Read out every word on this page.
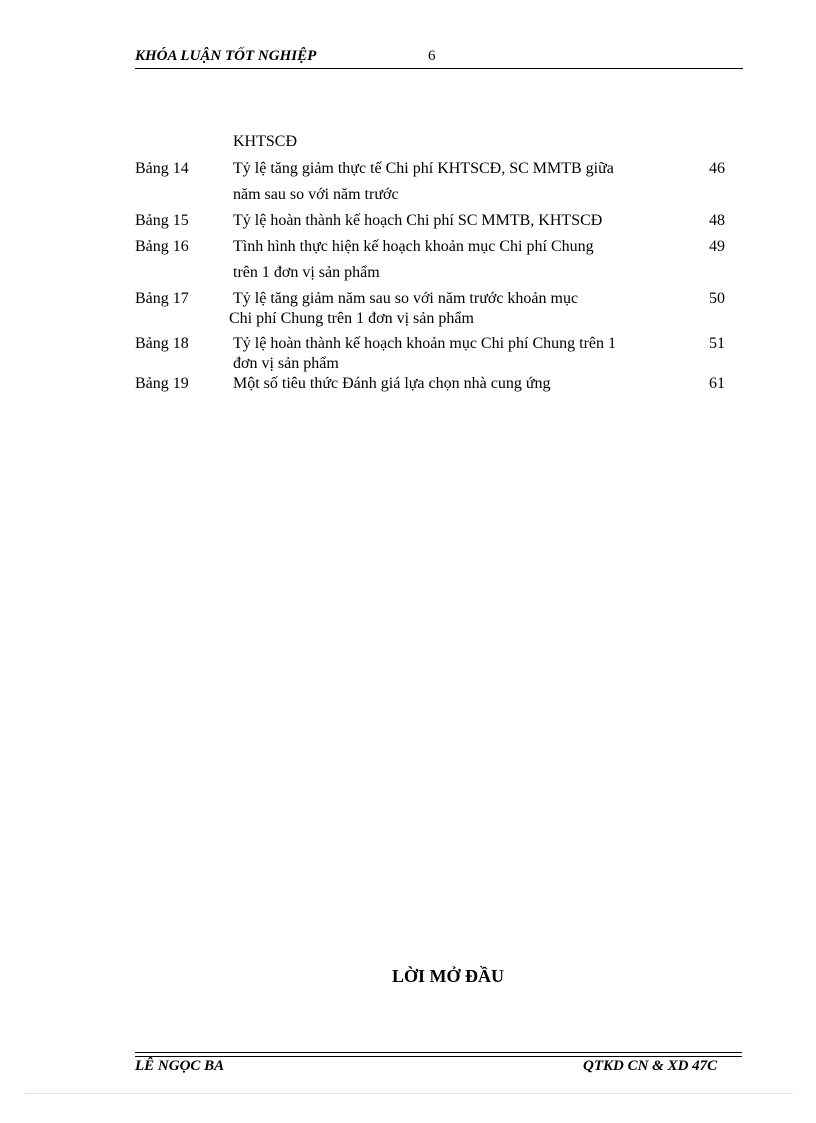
KHÓA LUẬN TỐT NGHIỆP	6
KHTSCĐ
Bảng 14	Tỷ lệ tăng giảm thực tế Chi phí KHTSCĐ, SC MMTB giữa	46
năm sau so với năm trước
Bảng 15	Tỷ lệ hoàn thành kế hoạch Chi phí SC MMTB, KHTSCĐ	48
Bảng 16	Tình hình thực hiện kế hoạch khoản mục Chi phí Chung	49
trên 1 đơn vị sản phẩm
Bảng 17	Tỷ lệ tăng giảm năm sau so với năm trước khoản mục	50
Chi phí Chung trên 1 đơn vị sản phẩm
Bảng 18	Tỷ lệ hoàn thành kế hoạch khoản mục Chi phí Chung trên 1	51
đơn vị sản phẩm
Bảng 19	Một số tiêu thức Đánh giá lựa chọn nhà cung ứng	61
LỜI MỞ ĐẦU
LÊ NGỌC BA	QTKD CN & XD 47C
